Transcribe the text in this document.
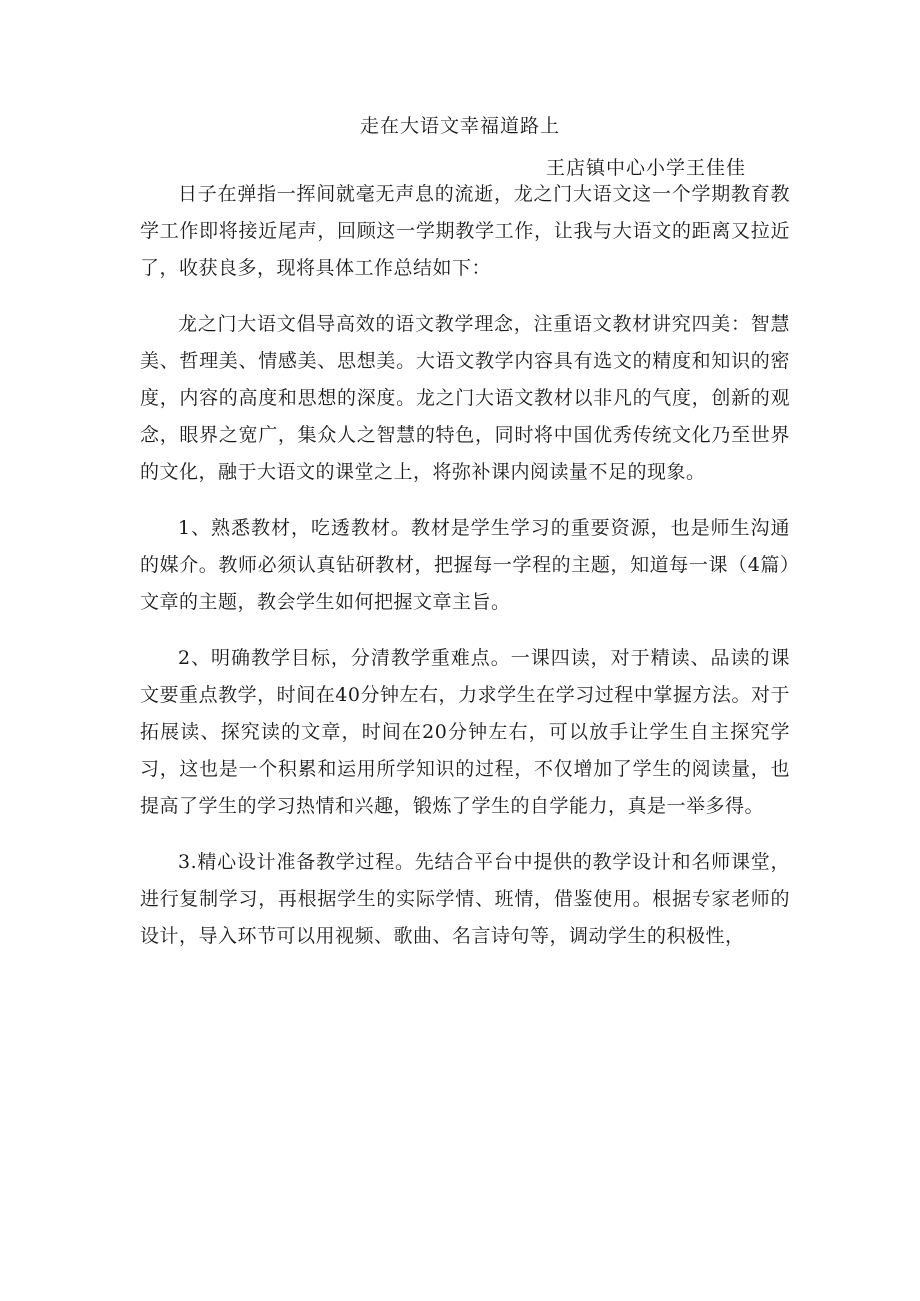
走在大语文幸福道路上
王店镇中心小学王佳佳

日子在弹指一挥间就毫无声息的流逝，龙之门大语文这一个学期教育教学工作即将接近尾声，回顾这一学期教学工作，让我与大语文的距离又拉近了，收获良多，现将具体工作总结如下：

龙之门大语文倡导高效的语文教学理念，注重语文教材讲究四美：智慧美、哲理美、情感美、思想美。大语文教学内容具有选文的精度和知识的密度，内容的高度和思想的深度。龙之门大语文教材以非凡的气度，创新的观念，眼界之宽广，集众人之智慧的特色，同时将中国优秀传统文化乃至世界的文化，融于大语文的课堂之上，将弥补课内阅读量不足的现象。

1、熟悉教材，吃透教材。教材是学生学习的重要资源，也是师生沟通的媒介。教师必须认真钻研教材，把握每一学程的主题，知道每一课（4篇）文章的主题，教会学生如何把握文章主旨。

2、明确教学目标，分清教学重难点。一课四读，对于精读、品读的课文要重点教学，时间在40分钟左右，力求学生在学习过程中掌握方法。对于拓展读、探究读的文章，时间在20分钟左右，可以放手让学生自主探究学习，这也是一个积累和运用所学知识的过程，不仅增加了学生的阅读量，也提高了学生的学习热情和兴趣，锻炼了学生的自学能力，真是一举多得。

3.精心设计准备教学过程。先结合平台中提供的教学设计和名师课堂，进行复制学习，再根据学生的实际学情、班情，借鉴使用。根据专家老师的设计，导入环节可以用视频、歌曲、名言诗句等，调动学生的积极性，
